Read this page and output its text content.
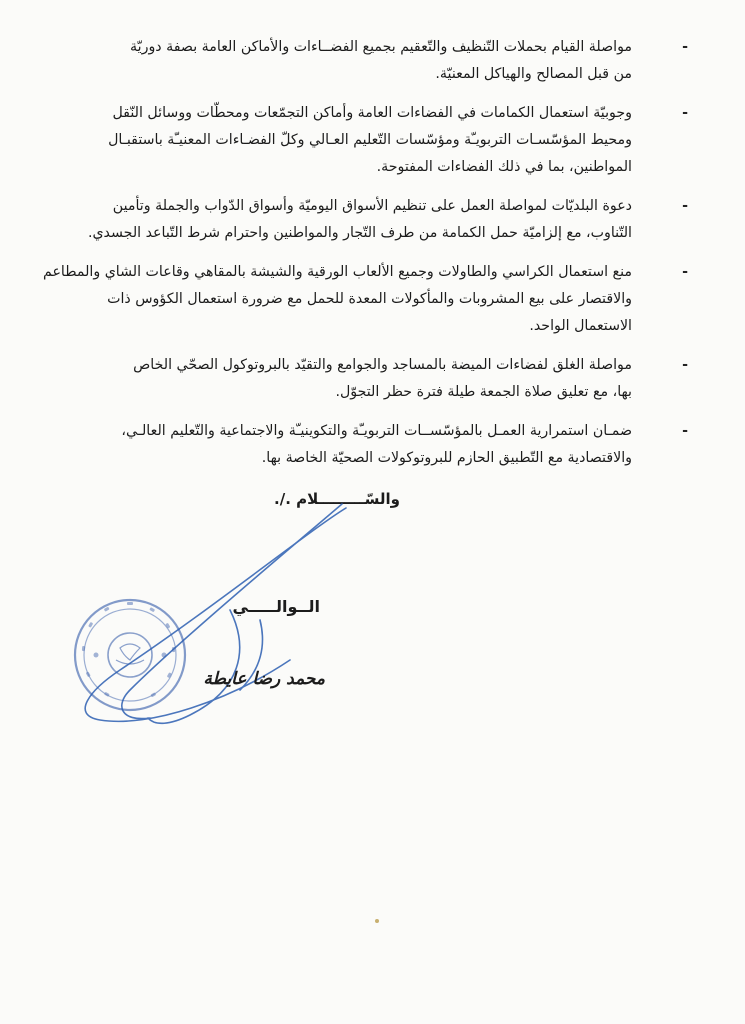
-
مواصلة القيام بحملات التّنظيف والتّعقيم بجميع الفضــاءات والأماكن العامة بصفة دوريّة
من قبل المصالح والهياكل المعنيّة.
-
وجوبيّة استعمال الكمامات في الفضاءات العامة وأماكن التجمّعات ومحطّات ووسائل النّقل
ومحيط المؤسّسـات التربويـّة ومؤسّسات التّعليم العـالي وكلّ الفضـاءات المعنيـّة باستقبـال
المواطنين، بما في ذلك الفضاءات المفتوحة.
-
دعوة البلديّات لمواصلة العمل على تنظيم الأسواق اليوميّة وأسواق الدّواب والجملة وتأمين
التّناوب، مع إلزاميّة حمل الكمامة من طرف التّجار والمواطنين واحترام شرط التّباعد الجسدي.
-
منع استعمال الكراسي والطاولات وجميع الألعاب الورقية والشيشة بالمقاهي وقاعات الشاي والمطاعم
والاقتصار على بيع المشروبات والمأكولات المعدة للحمل مع ضرورة استعمال الكؤوس ذات
الاستعمال الواحد.
-
مواصلة الغلق لفضاءات الميضة بالمساجد والجوامع والتقيّد بالبروتوكول الصحّي الخاص
بها، مع تعليق صلاة الجمعة طيلة فترة حظر التجوّل.
-
ضمـان استمرارية العمـل بالمؤسّســات التربويـّة والتكوينيـّة والاجتماعية والتّعليم العالـي،
والاقتصادية مع التّطبيق الحازم للبروتوكولات الصحيّة الخاصة بها.
والسّـــــــــلام ./.
الــوالـــــي
محمد رضا عايطة
